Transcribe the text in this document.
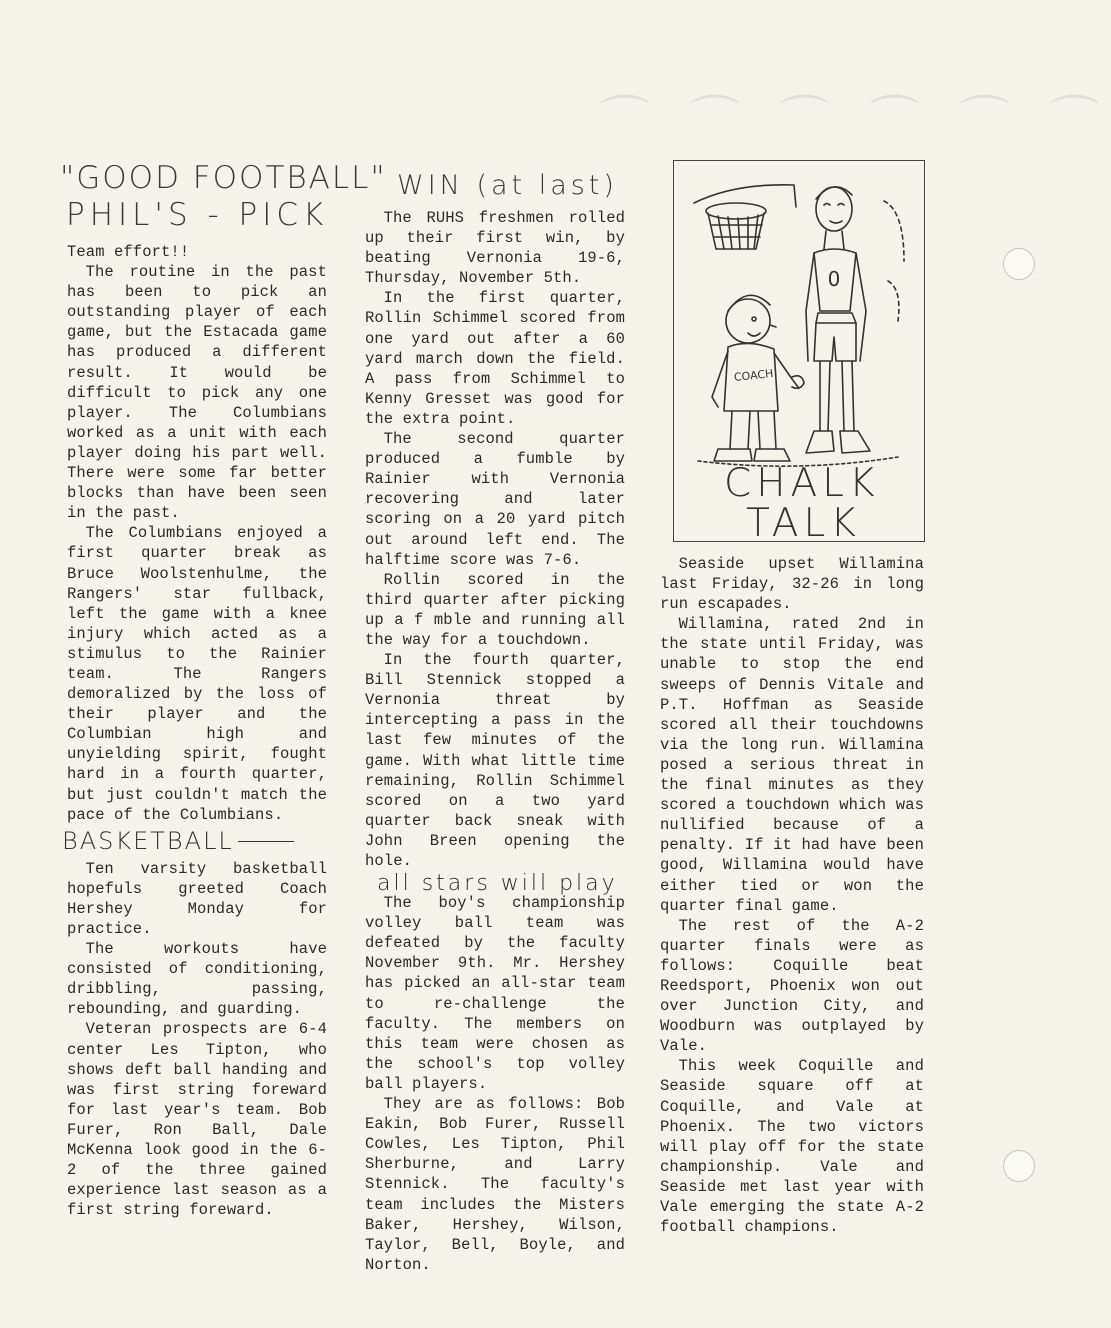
⌒ ⌒ ⌒ ⌒ ⌒ ⌒
"GOOD FOOTBALL"
PHIL'S - PICK

Team effort!!

The routine in the past has been to pick an outstanding player of each game, but the Estacada game has produced a different result. It would be difficult to pick any one player. The Columbians worked as a unit with each player doing his part well. There were some far better blocks than have been seen in the past.

The Columbians enjoyed a first quarter break as Bruce Woolstenhulme, the Rangers' star fullback, left the game with a knee injury which acted as a stimulus to the Rainier team. The Rangers demoralized by the loss of their player and the Columbian high and unyielding spirit, fought hard in a fourth quarter, but just couldn't match the pace of the Columbians.

BASKETBALL

Ten varsity basketball hopefuls greeted Coach Hershey Monday for practice.

The workouts have consisted of conditioning, dribbling, passing, rebounding, and guarding.

Veteran prospects are 6-4 center Les Tipton, who shows deft ball handing and was first string foreward for last year's team. Bob Furer, Ron Ball, Dale McKenna look good in the 6-2 of the three gained experience last season as a first string foreward.

WIN (at last)

The RUHS freshmen rolled up their first win, by beating Vernonia 19-6, Thursday, November 5th.

In the first quarter, Rollin Schimmel scored from one yard out after a 60 yard march down the field. A pass from Schimmel to Kenny Gresset was good for the extra point.

The second quarter produced a fumble by Rainier with Vernonia recovering and later scoring on a 20 yard pitch out around left end. The halftime score was 7-6.

Rollin scored in the third quarter after picking up a f mble and running all the way for a touchdown.

In the fourth quarter, Bill Stennick stopped a Vernonia threat by intercepting a pass in the last few minutes of the game. With what little time remaining, Rollin Schimmel scored on a two yard quarter back sneak with John Breen opening the hole.

all stars will play

The boy's championship volley ball team was defeated by the faculty November 9th. Mr. Hershey has picked an all-star team to re-challenge the faculty. The members on this team were chosen as the school's top volley ball players.

They are as follows: Bob Eakin, Bob Furer, Russell Cowles, Les Tipton, Phil Sherburne, and Larry Stennick. The faculty's team includes the Misters Baker, Hershey, Wilson, Taylor, Bell, Boyle, and Norton.

0
COACH
CHALK
TALK

Seaside upset Willamina last Friday, 32-26 in long run escapades.

Willamina, rated 2nd in the state until Friday, was unable to stop the end sweeps of Dennis Vitale and P.T. Hoffman as Seaside scored all their touchdowns via the long run. Willamina posed a serious threat in the final minutes as they scored a touchdown which was nullified because of a penalty. If it had have been good, Willamina would have either tied or won the quarter final game.

The rest of the A-2 quarter finals were as follows: Coquille beat Reedsport, Phoenix won out over Junction City, and Woodburn was outplayed by Vale.

This week Coquille and Seaside square off at Coquille, and Vale at Phoenix. The two victors will play off for the state championship. Vale and Seaside met last year with Vale emerging the state A-2 football champions.
